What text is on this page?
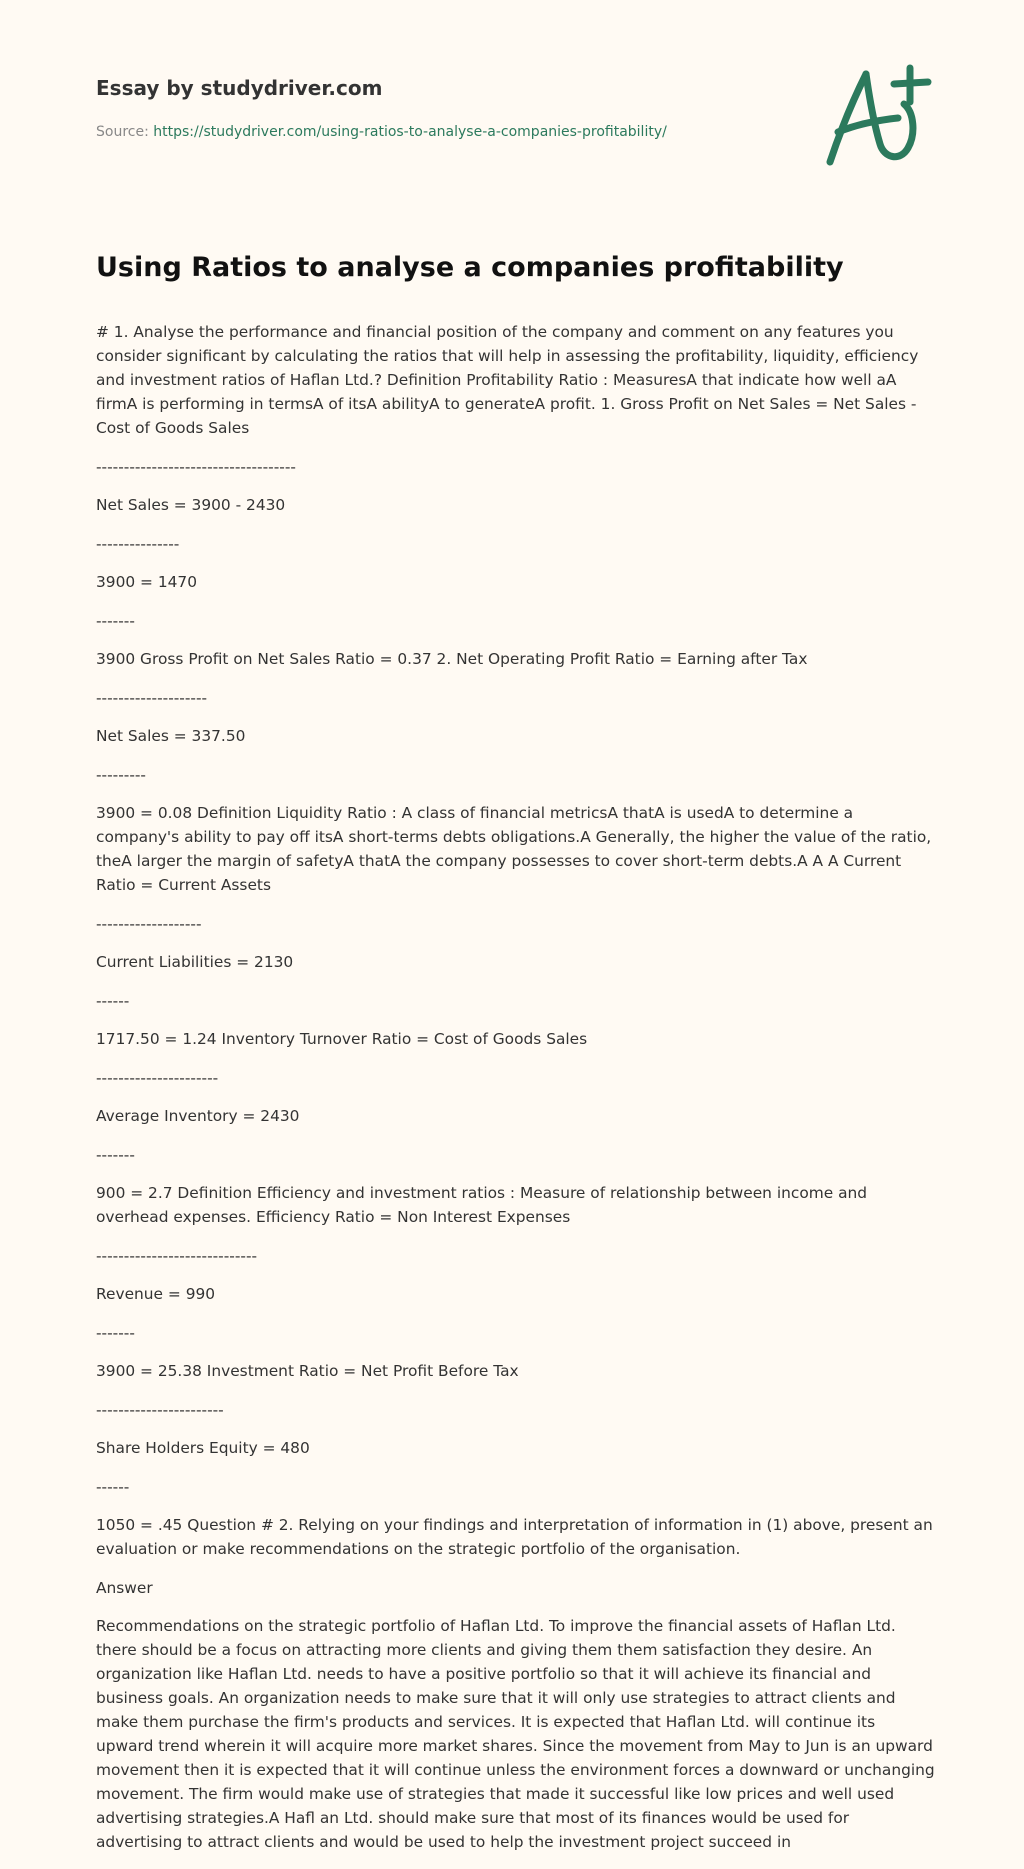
Essay by studydriver.com
Source: https://studydriver.com/using-ratios-to-analyse-a-companies-profitability/
Using Ratios to analyse a companies profitability

# 1. Analyse the performance and financial position of the company and comment on any features you consider significant by calculating the ratios that will help in assessing the profitability, liquidity, efficiency and investment ratios of Haflan Ltd.? Definition Profitability Ratio : MeasuresA that indicate how well aA firmA is performing in termsA of itsA abilityA to generateA profit. 1. Gross Profit on Net Sales = Net Sales - Cost of Goods Sales

------------------------------------

Net Sales = 3900 - 2430

---------------

3900 = 1470

-------

3900 Gross Profit on Net Sales Ratio = 0.37 2. Net Operating Profit Ratio = Earning after Tax

--------------------

Net Sales = 337.50

---------

3900 = 0.08 Definition Liquidity Ratio : A class of financial metricsA thatA is usedA to determine a company's ability to pay off itsA short-terms debts obligations.A Generally, the higher the value of the ratio, theA larger the margin of safetyA thatA the company possesses to cover short-term debts.A A A Current Ratio = Current Assets

-------------------

Current Liabilities = 2130

------

1717.50 = 1.24 Inventory Turnover Ratio = Cost of Goods Sales

----------------------

Average Inventory = 2430

-------

900 = 2.7 Definition Efficiency and investment ratios : Measure of relationship between income and overhead expenses. Efficiency Ratio = Non Interest Expenses

-----------------------------

Revenue = 990

-------

3900 = 25.38 Investment Ratio = Net Profit Before Tax

-----------------------

Share Holders Equity = 480

------

1050 = .45 Question # 2. Relying on your findings and interpretation of information in (1) above, present an evaluation or make recommendations on the strategic portfolio of the organisation.

Answer

Recommendations on the strategic portfolio of Haflan Ltd. To improve the financial assets of Haflan Ltd. there should be a focus on attracting more clients and giving them them satisfaction they desire. An organization like Haflan Ltd. needs to have a positive portfolio so that it will achieve its financial and business goals. An organization needs to make sure that it will only use strategies to attract clients and make them purchase the firm's products and services. It is expected that Haflan Ltd. will continue its upward trend wherein it will acquire more market shares. Since the movement from May to Jun is an upward movement then it is expected that it will continue unless the environment forces a downward or unchanging movement. The firm would make use of strategies that made it successful like low prices and well used advertising strategies.A Hafl an Ltd. should make sure that most of its finances would be used for advertising to attract clients and would be used to help the investment project succeed in
